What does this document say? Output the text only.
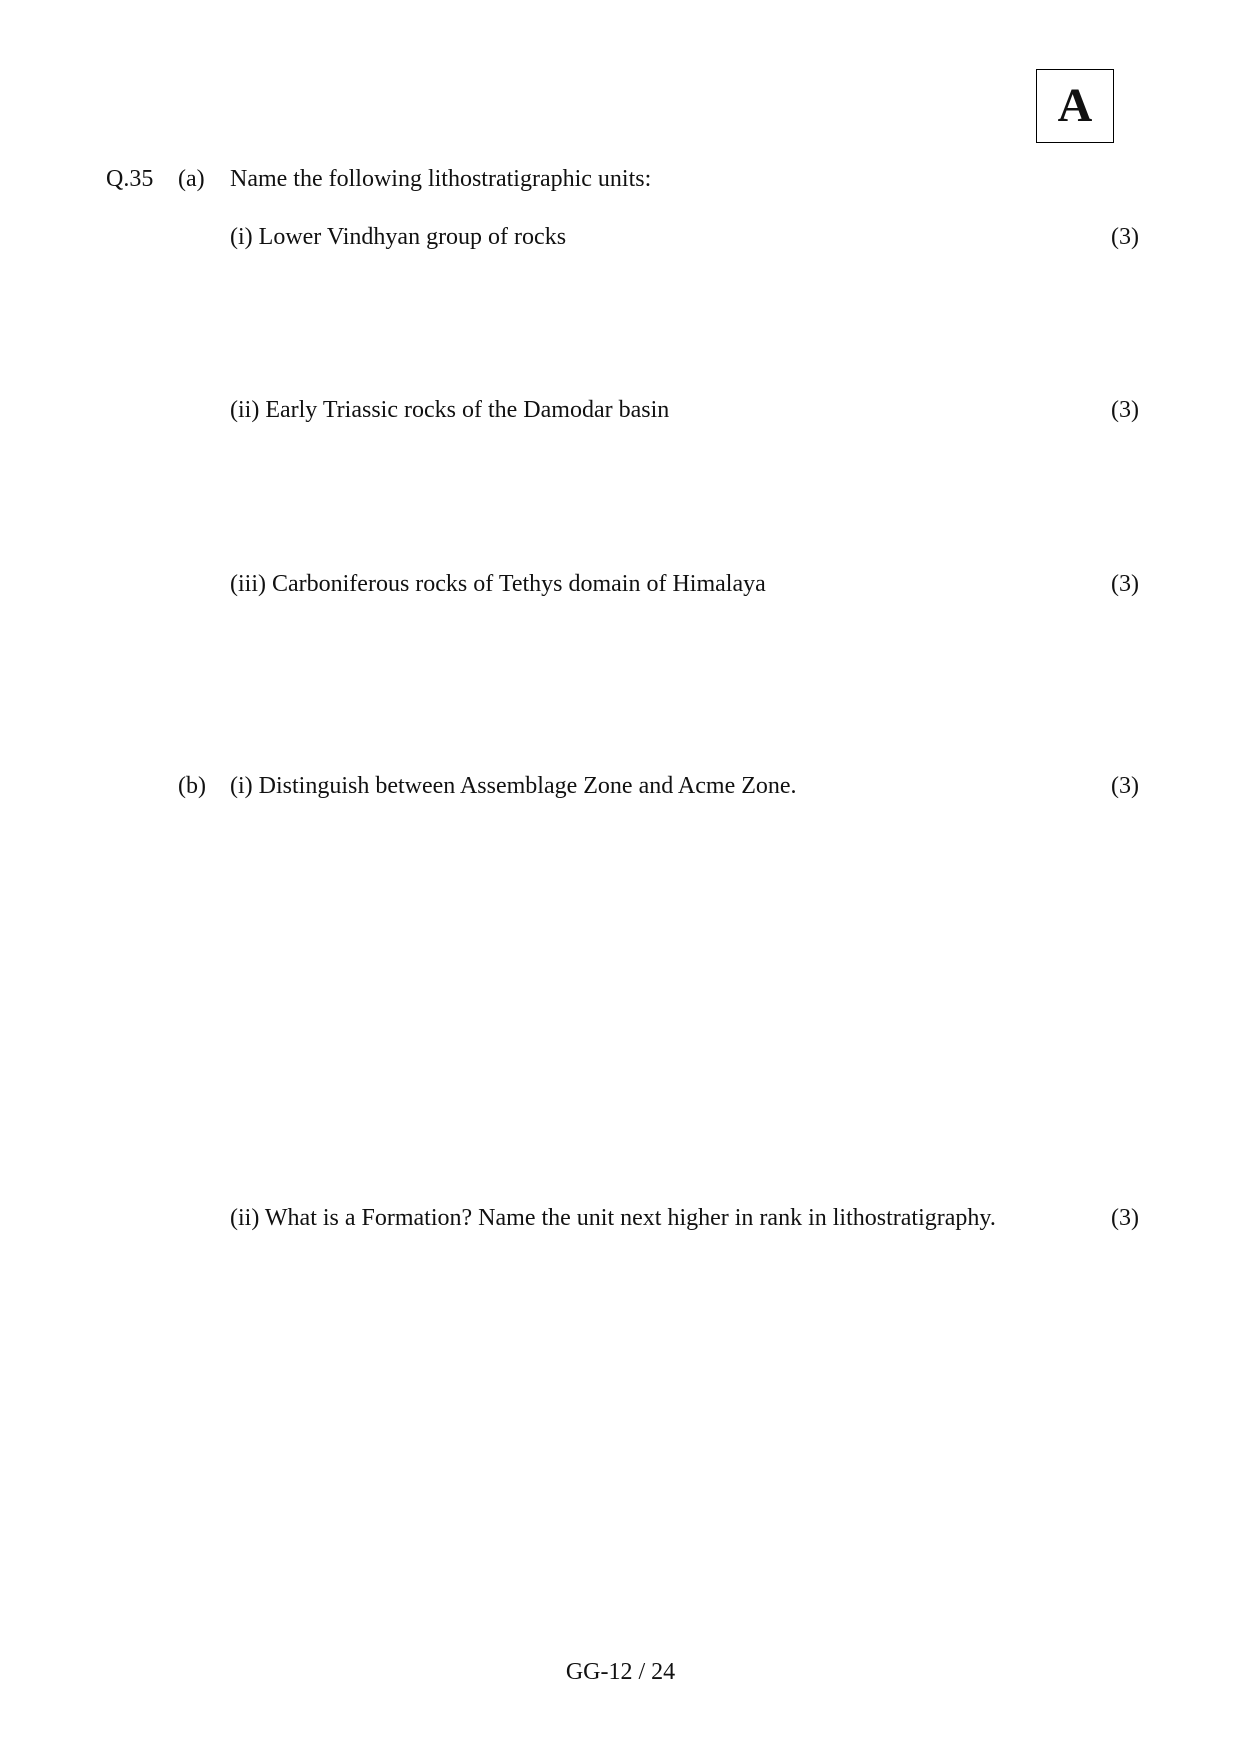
A
Q.35 (a) Name the following lithostratigraphic units:
(i) Lower Vindhyan group of rocks	(3)
(ii) Early Triassic rocks of the Damodar basin	(3)
(iii) Carboniferous rocks of Tethys domain of Himalaya	(3)
(b) (i) Distinguish between Assemblage Zone and Acme Zone.	(3)
(ii) What is a Formation? Name the unit next higher in rank in lithostratigraphy.	(3)
GG-12 / 24
